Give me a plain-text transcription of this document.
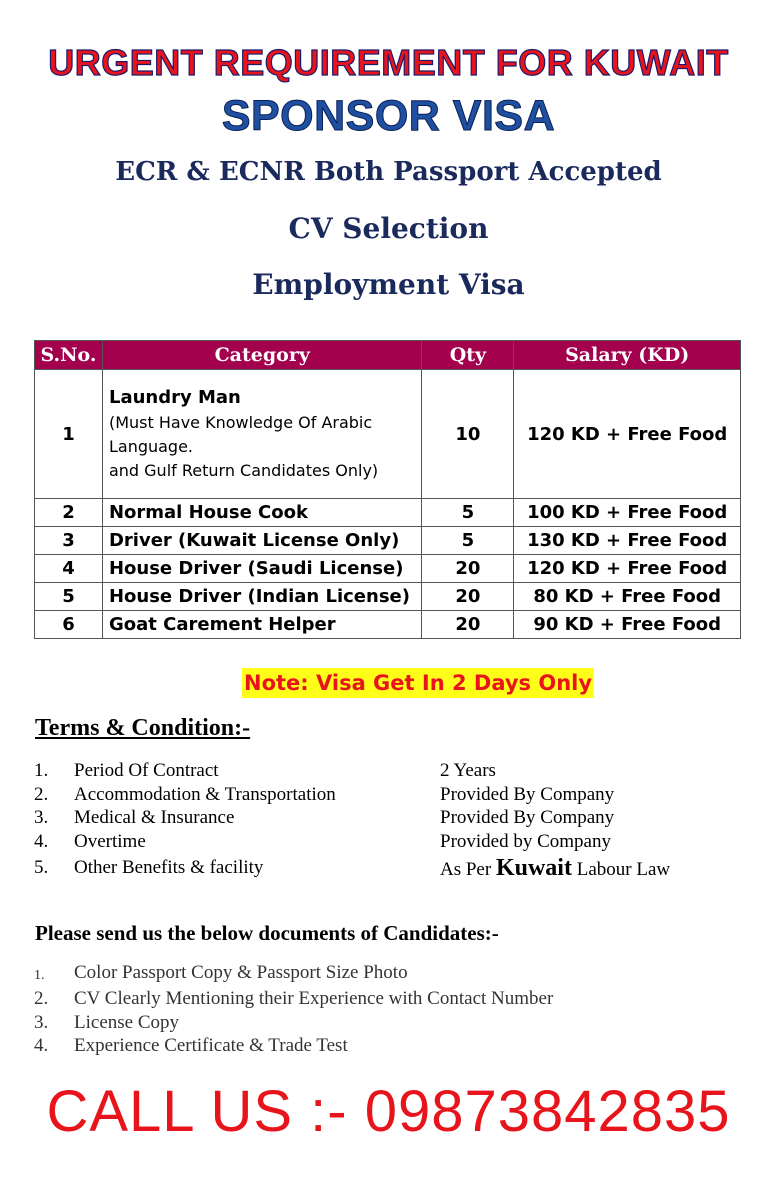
URGENT REQUIREMENT FOR KUWAIT
SPONSOR VISA
ECR & ECNR Both Passport Accepted
CV Selection
Employment Visa
S.No.	Category	Qty	Salary (KD)
1	Laundry Man
(Must Have Knowledge Of Arabic
Language.
and Gulf Return Candidates Only)	10	120 KD + Free Food
2	Normal House Cook	5	100 KD + Free Food
3	Driver (Kuwait License Only)	5	130 KD + Free Food
4	House Driver (Saudi License)	20	120 KD + Free Food
5	House Driver (Indian License)	20	80 KD + Free Food
6	Goat Carement Helper	20	90 KD + Free Food
Note: Visa Get In 2 Days Only
Terms & Condition:-
1. Period Of Contract	2 Years
2. Accommodation & Transportation	Provided By Company
3. Medical & Insurance	Provided By Company
4. Overtime	Provided by Company
5. Other Benefits & facility	As Per Kuwait Labour Law
Please send us the below documents of Candidates:-
1. Color Passport Copy & Passport Size Photo
2. CV Clearly Mentioning their Experience with Contact Number
3. License Copy
4. Experience Certificate & Trade Test
CALL US :- 09873842835
